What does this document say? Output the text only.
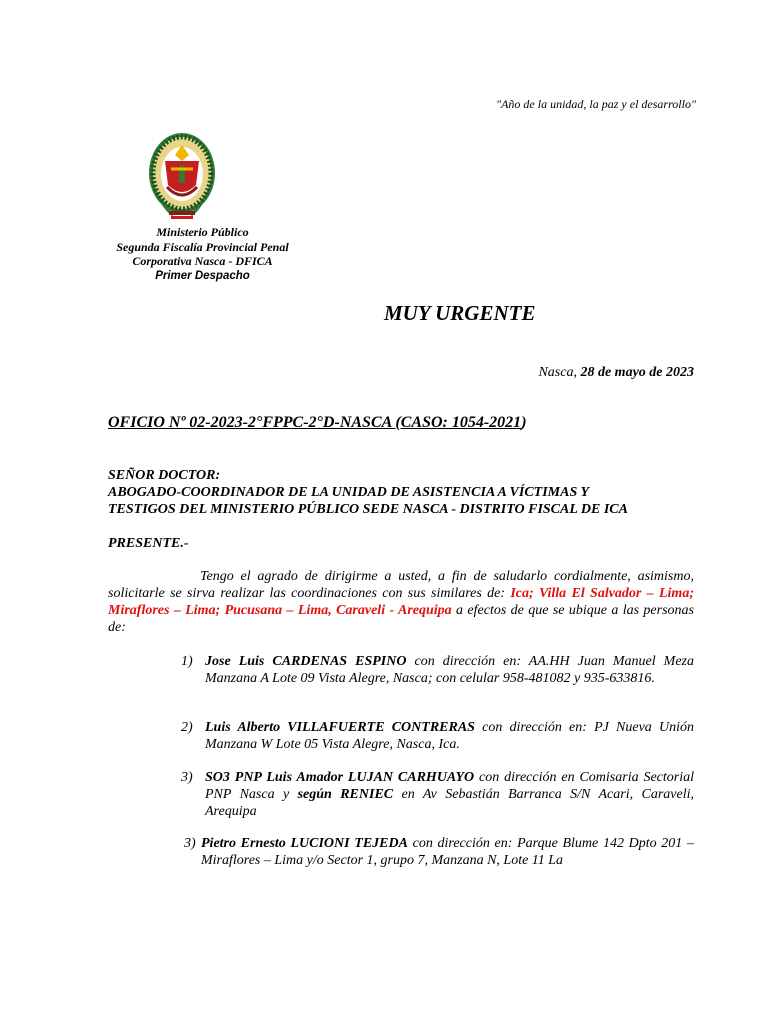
"Año de la unidad, la paz y el desarrollo"
Ministerio Público
Segunda Fiscalía Provincial Penal
Corporativa Nasca - DFICA
Primer Despacho
MUY URGENTE
Nasca, 28 de mayo de 2023
OFICIO Nº 02-2023-2°FPPC-2°D-NASCA (CASO: 1054-2021)
SEÑOR DOCTOR:
ABOGADO-COORDINADOR DE LA UNIDAD DE ASISTENCIA A VÍCTIMAS Y
TESTIGOS DEL MINISTERIO PÚBLICO SEDE NASCA - DISTRITO FISCAL DE ICA
PRESENTE.-
Tengo el agrado de dirigirme a usted, a fin de saludarlo cordialmente, asimismo, solicitarle se sirva realizar las coordinaciones con sus similares de: Ica; Villa El Salvador – Lima; Miraflores – Lima; Pucusana – Lima, Caraveli - Arequipa a efectos de que se ubique a las personas de:
1) Jose Luis CARDENAS ESPINO con dirección en: AA.HH Juan Manuel Meza Manzana A Lote 09 Vista Alegre, Nasca; con celular 958-481082 y 935-633816.
2) Luis Alberto VILLAFUERTE CONTRERAS con dirección en: PJ Nueva Unión Manzana W Lote 05 Vista Alegre, Nasca, Ica.
3) SO3 PNP Luis Amador LUJAN CARHUAYO con dirección en Comisaria Sectorial PNP Nasca y según RENIEC en Av Sebastián Barranca S/N Acari, Caraveli, Arequipa
3) Pietro Ernesto LUCIONI TEJEDA con dirección en: Parque Blume 142 Dpto 201 – Miraflores – Lima y/o Sector 1, grupo 7, Manzana N, Lote 11 La
